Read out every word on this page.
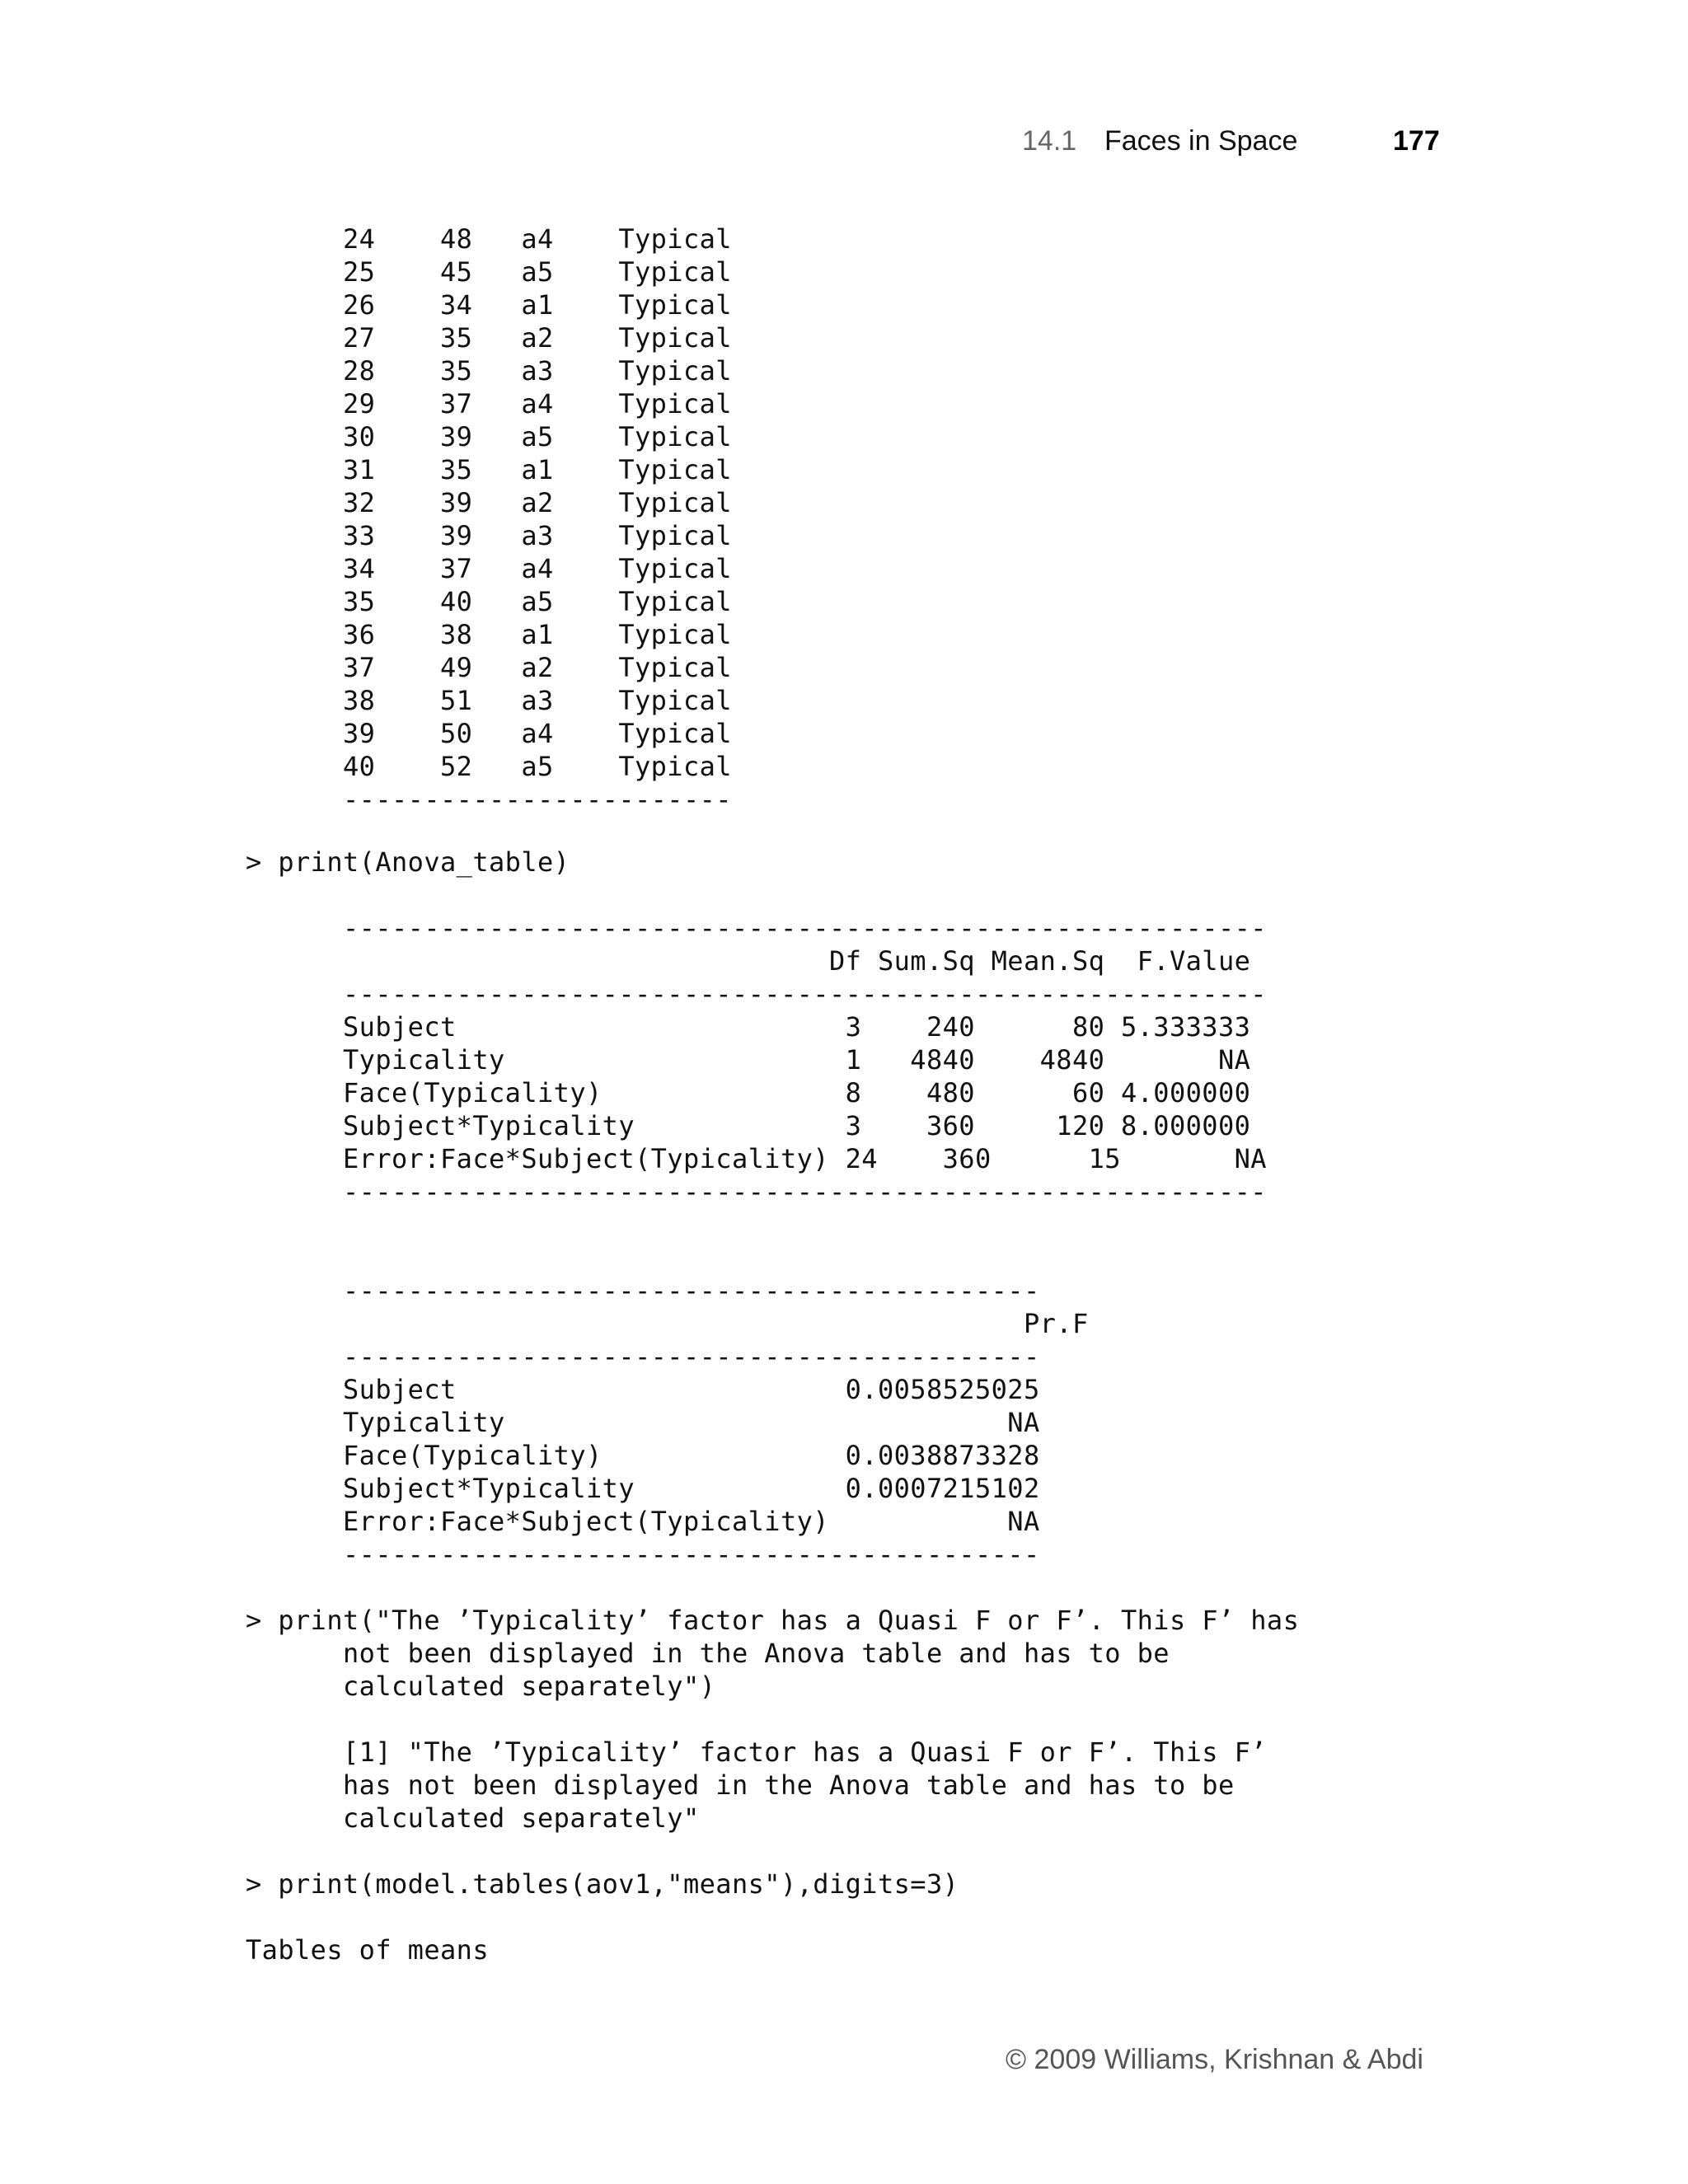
14.1 Faces in Space	177
24    48   a4    Typical
25    45   a5    Typical
26    34   a1    Typical
27    35   a2    Typical
28    35   a3    Typical
29    37   a4    Typical
30    39   a5    Typical
31    35   a1    Typical
32    39   a2    Typical
33    39   a3    Typical
34    37   a4    Typical
35    40   a5    Typical
36    38   a1    Typical
37    49   a2    Typical
38    51   a3    Typical
39    50   a4    Typical
40    52   a5    Typical
------------------------
> print(Anova_table)
---------------------------------------------------------
Df Sum.Sq Mean.Sq  F.Value
---------------------------------------------------------
Subject                        3    240      80 5.333333
Typicality                     1   4840    4840       NA
Face(Typicality)               8    480      60 4.000000
Subject*Typicality             3    360     120 8.000000
Error:Face*Subject(Typicality) 24    360      15       NA
---------------------------------------------------------
-------------------------------------------
Pr.F
-------------------------------------------
Subject                        0.0058525025
Typicality                               NA
Face(Typicality)               0.0038873328
Subject*Typicality             0.0007215102
Error:Face*Subject(Typicality)           NA
-------------------------------------------
> print("The ’Typicality’ factor has a Quasi F or F’. This F’ has
not been displayed in the Anova table and has to be
calculated separately")
[1] "The ’Typicality’ factor has a Quasi F or F’. This F’
has not been displayed in the Anova table and has to be
calculated separately"
> print(model.tables(aov1,"means"),digits=3)
Tables of means
© 2009 Williams, Krishnan & Abdi
